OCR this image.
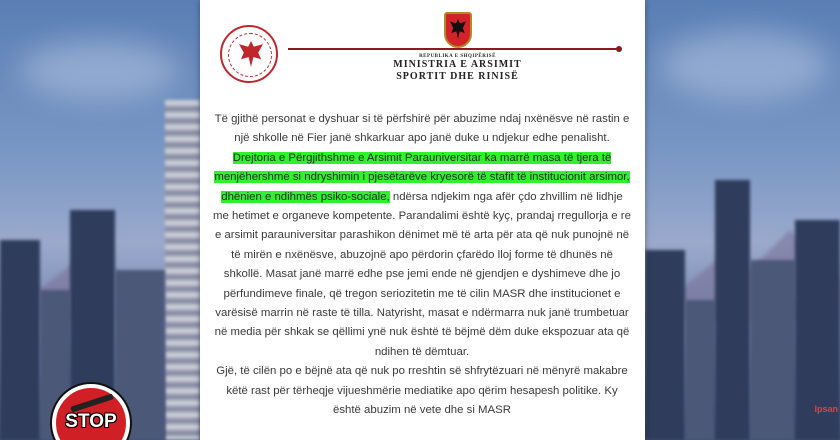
REPUBLIKA E SHQIPËRISË
MINISTRIA E ARSIMIT
SPORTIT DHE RINISË

Të gjithë personat e dyshuar si të përfshirë për abuzime ndaj nxënësve në rastin e një shkolle në Fier janë shkarkuar apo janë duke u ndjekur edhe penalisht. Drejtoria e Përgjithshme e Arsimit Parauniversitar ka marrë masa të tjera të menjëhershme si ndryshimin i pjesëtarëve kryesorë të stafit të institucionit arsimor, dhënien e ndihmës psiko-sociale, ndërsa ndjekim nga afër çdo zhvillim në lidhje me hetimet e organeve kompetente. Parandalimi është kyç, prandaj rregullorja e re e arsimit parauniversitar parashikon dënimet më të arta për ata që nuk punojnë në të mirën e nxënësve, abuzojnë apo përdorin çfarëdo lloj forme të dhunës në shkollë. Masat janë marrë edhe pse jemi ende në gjendjen e dyshimeve dhe jo përfundimeve finale, që tregon seriozitetin me të cilin MASR dhe institucionet e varësisë marrin në raste të tilla. Natyrisht, masat e ndërmarra nuk janë trumbetuar në media për shkak se qëllimi ynë nuk është të bëjmë dëm duke ekspozuar ata që ndihen të dëmtuar.

Gjë, të cilën po e bëjnë ata që nuk po rreshtin së shfrytëzuari në mënyrë makabre këtë rast për tërheqje vijueshmërie mediatike apo qërim hesapesh politike. Ky është abuzim në vete dhe si MASR

STOP
Ipsan
